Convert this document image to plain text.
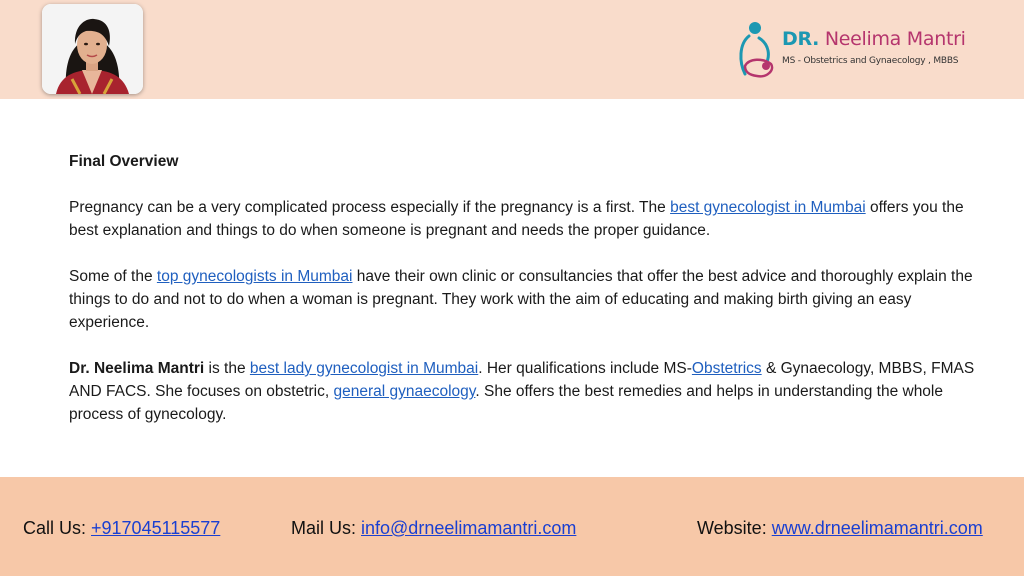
DR. Neelima Mantri
MS - Obstetrics and Gynaecology , MBBS

Final Overview

Pregnancy can be a very complicated process especially if the pregnancy is a first. The best gynecologist in Mumbai offers you the best explanation and things to do when someone is pregnant and needs the proper guidance.

Some of the top gynecologists in Mumbai have their own clinic or consultancies that offer the best advice and thoroughly explain the things to do and not to do when a woman is pregnant. They work with the aim of educating and making birth giving an easy experience.

Dr. Neelima Mantri is the best lady gynecologist in Mumbai. Her qualifications include MS-Obstetrics & Gynaecology, MBBS, FMAS AND FACS. She focuses on obstetric, general gynaecology. She offers the best remedies and helps in understanding the whole process of gynecology.

Call Us: +917045115577	Mail Us: info@drneelimamantri.com	Website: www.drneelimamantri.com
